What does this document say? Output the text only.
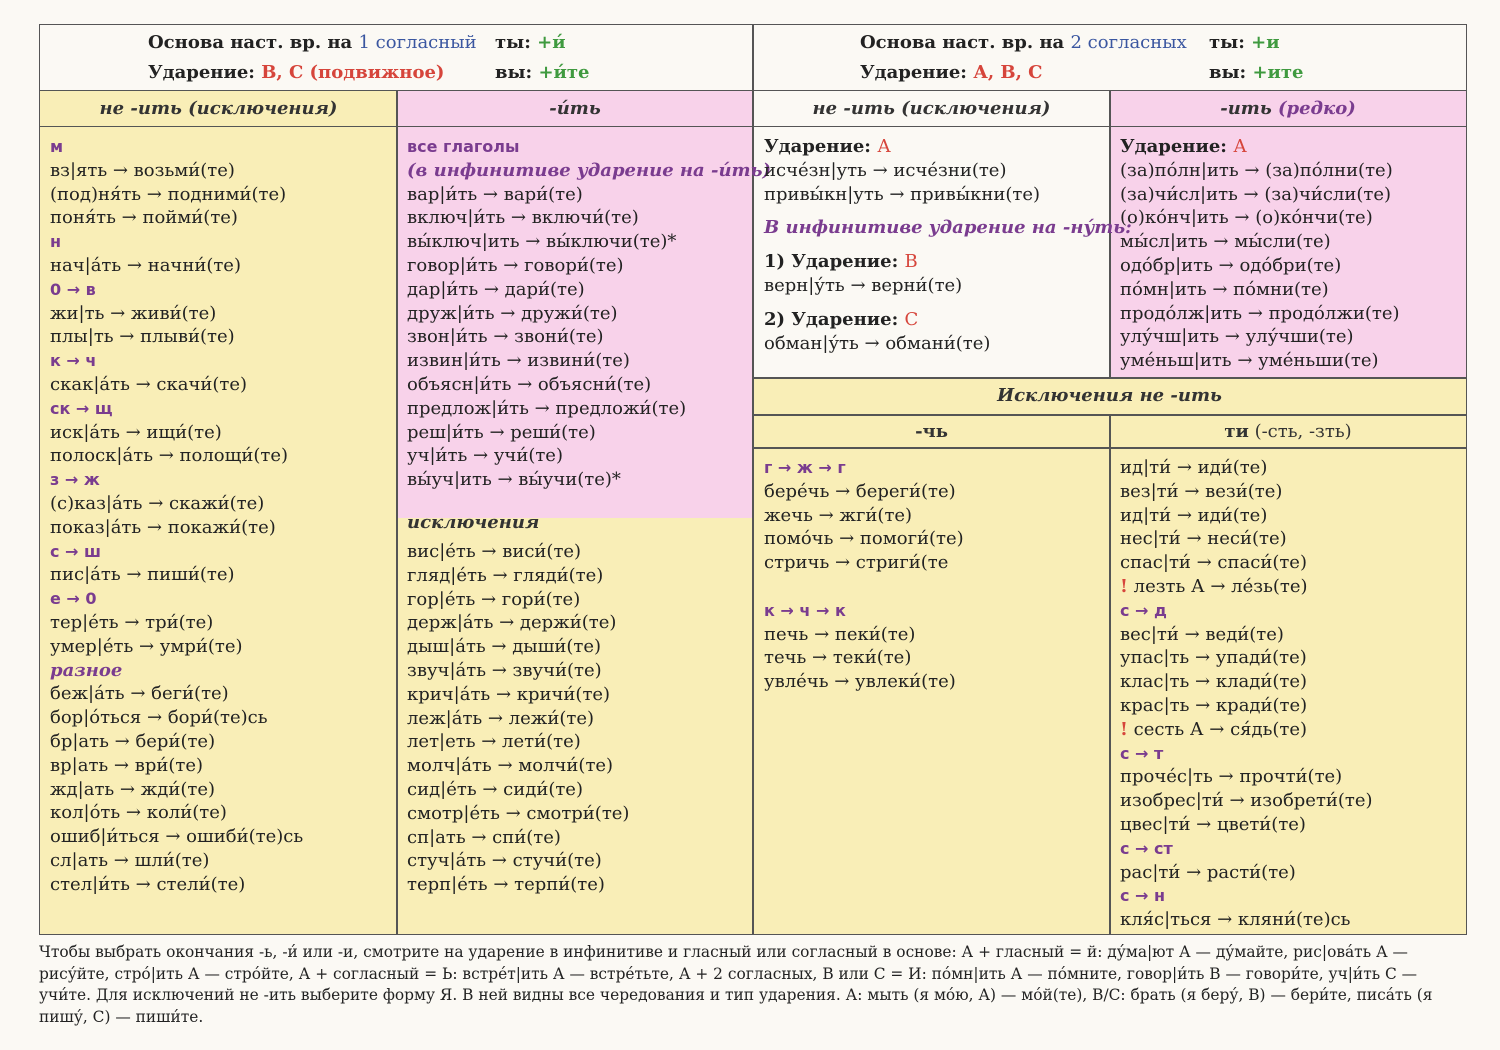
Основа наст. вр. на 1 согласный
Ударение: В, С (подвижное)
ты: +и́
вы: +и́те
Основа наст. вр. на 2 согласных
Ударение: А, В, С
ты: +и
вы: +ите
не -ить (исключения)	-и́ть	не -ить (исключения)	-ить (редко)
м
вз|ять → возьми́(те)
(под)ня́ть → подними́(те)
поня́ть → пойми́(те)
н
нач|а́ть → начни́(те)
0 → в
жи|ть → живи́(те)
плы|ть → плыви́(те)
к → ч
скак|а́ть → скачи́(те)
ск → щ
иск|а́ть → ищи́(те)
полоск|а́ть → полощи́(те)
з → ж
(с)каз|а́ть → скажи́(те)
показ|а́ть → покажи́(те)
с → ш
пис|а́ть → пиши́(те)
е → 0
тер|е́ть → три́(те)
умер|е́ть → умри́(те)
разное
беж|а́ть → беги́(те)
бор|о́ться → бори́(те)сь
бр|ать → бери́(те)
вр|ать → ври́(те)
жд|ать → жди́(те)
кол|о́ть → коли́(те)
ошиб|и́ться → ошиби́(те)сь
сл|ать → шли́(те)
стел|и́ть → стели́(те)
все глаголы
(в инфинитиве ударение на -и́ть)
вар|и́ть → вари́(те)
включ|и́ть → включи́(те)
вы́ключ|ить → вы́ключи(те)*
говор|и́ть → говори́(те)
дар|и́ть → дари́(те)
друж|и́ть → дружи́(те)
звон|и́ть → звони́(те)
извин|и́ть → извини́(те)
объясн|и́ть → объясни́(те)
предлож|и́ть → предложи́(те)
реш|и́ть → реши́(те)
уч|и́ть → учи́(те)
вы́уч|ить → вы́учи(те)*
исключения
вис|е́ть → виси́(те)
гляд|е́ть → гляди́(те)
гор|е́ть → гори́(те)
держ|а́ть → держи́(те)
дыш|а́ть → дыши́(те)
звуч|а́ть → звучи́(те)
крич|а́ть → кричи́(те)
леж|а́ть → лежи́(те)
лет|еть → лети́(те)
молч|а́ть → молчи́(те)
сид|е́ть → сиди́(те)
смотр|е́ть → смотри́(те)
сп|ать → спи́(те)
стуч|а́ть → стучи́(те)
терп|е́ть → терпи́(те)
Ударение: А
исче́зн|уть → исче́зни(те)
привы́кн|уть → привы́кни(те)
В инфинитиве ударение на -ну́ть:
1) Ударение: В
верн|у́ть → верни́(те)
2) Ударение: С
обман|у́ть → обмани́(те)
Ударение: А
(за)по́лн|ить → (за)по́лни(те)
(за)чи́сл|ить → (за)чи́сли(те)
(о)ко́нч|ить → (о)ко́нчи(те)
мы́сл|ить → мы́сли(те)
одо́бр|ить → одо́бри(те)
по́мн|ить → по́мни(те)
продо́лж|ить → продо́лжи(те)
улу́чш|ить → улу́чши(те)
уме́ньш|ить → уме́ньши(те)
Исключения не -ить
-чь	ти (-сть, -зть)
г → ж → г
бере́чь → береги́(те)
жечь → жги́(те)
помо́чь → помоги́(те)
стричь → стриги́(те
к → ч → к
печь → пеки́(те)
течь → теки́(те)
увле́чь → увлеки́(те)
ид|ти́ → иди́(те)
вез|ти́ → вези́(те)
ид|ти́ → иди́(те)
нес|ти́ → неси́(те)
спас|ти́ → спаси́(те)
! лезть А → ле́зь(те)
с → д
вес|ти́ → веди́(те)
упас|ть → упади́(те)
клас|ть → клади́(те)
крас|ть → кради́(те)
! сесть А → ся́дь(те)
с → т
проче́с|ть → прочти́(те)
изобрес|ти́ → изобрети́(те)
цвес|ти́ → цвети́(те)
с → ст
рас|ти́ → расти́(те)
с → н
кля́с|ться → кляни́(те)сь
Чтобы выбрать окончания -ь, -и́ или -и, смотрите на ударение в инфинитиве и гласный или согласный в основе: А + гласный = й: ду́ма|ют А — ду́майте, рис|ова́ть А — рису́йте, стро́|ить А — стро́йте, А + согласный = Ь: встре́т|ить А — встре́тьте, А + 2 согласных, В или С = И: по́мн|ить А — по́мните, говор|и́ть В — говори́те, уч|и́ть С — учи́те. Для исключений не -ить выберите форму Я. В ней видны все чередования и тип ударения. А: мыть (я мо́ю, А) — мо́й(те), В/С: брать (я беру́, В) — бери́те, писа́ть (я пишу́, С) — пиши́те.
